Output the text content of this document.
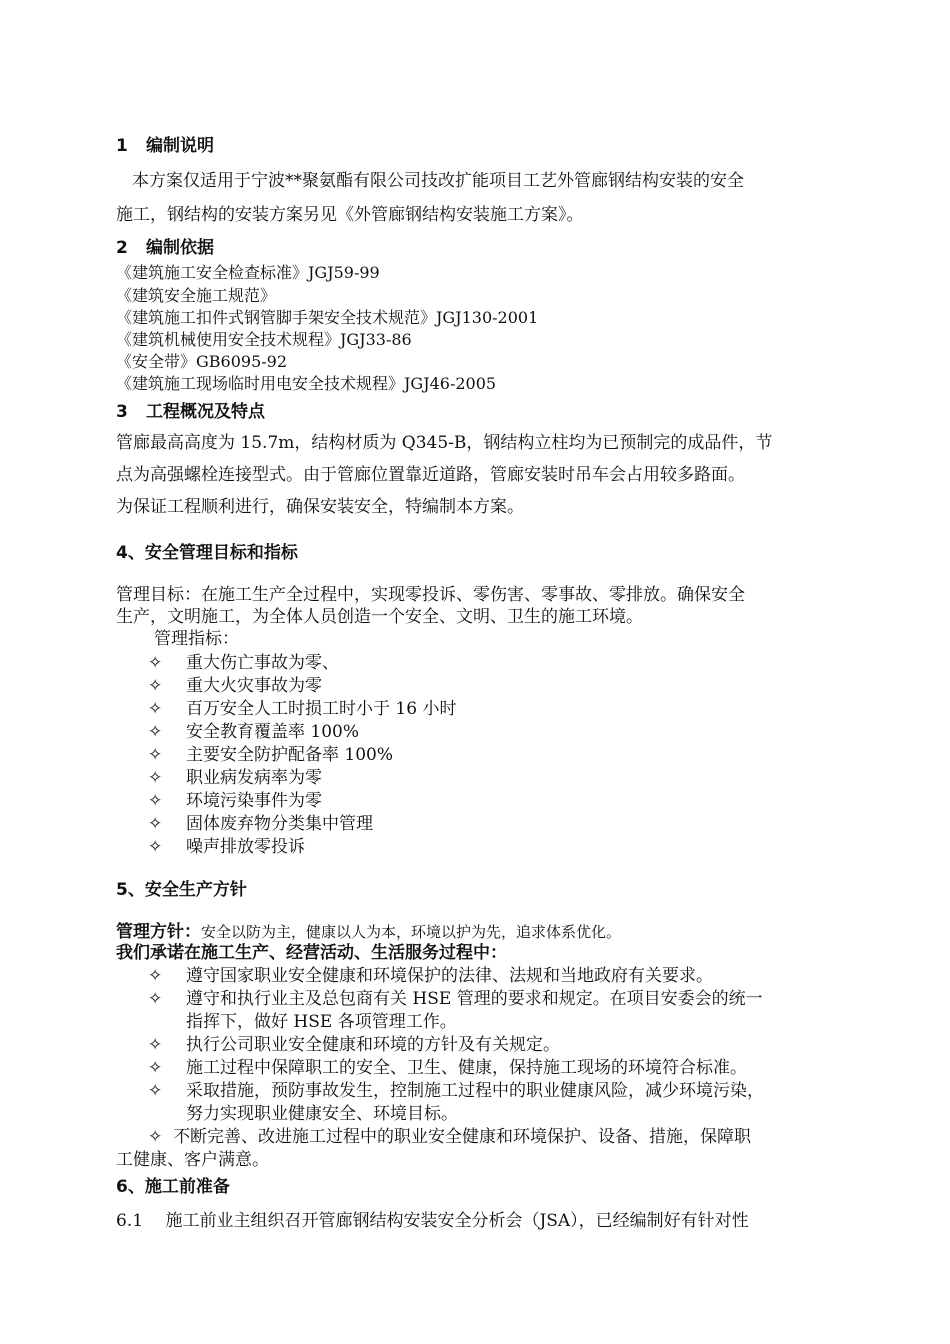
1 编制说明
本方案仅适用于宁波**聚氨酯有限公司技改扩能项目工艺外管廊钢结构安装的安全
施工，钢结构的安装方案另见《外管廊钢结构安装施工方案》。
2 编制依据
《建筑施工安全检查标准》JGJ59-99
《建筑安全施工规范》
《建筑施工扣件式钢管脚手架安全技术规范》JGJ130-2001
《建筑机械使用安全技术规程》JGJ33-86
《安全带》GB6095-92
《建筑施工现场临时用电安全技术规程》JGJ46-2005
3 工程概况及特点
管廊最高高度为 15.7m，结构材质为 Q345-B，钢结构立柱均为已预制完的成品件，节
点为高强螺栓连接型式。由于管廊位置靠近道路，管廊安装时吊车会占用较多路面。
为保证工程顺利进行，确保安装安全，特编制本方案。
4、安全管理目标和指标
管理目标：在施工生产全过程中，实现零投诉、零伤害、零事故、零排放。确保安全
生产，文明施工，为全体人员创造一个安全、文明、卫生的施工环境。
管理指标：
✧	重大伤亡事故为零、
✧	重大火灾事故为零
✧	百万安全人工时损工时小于 16 小时
✧	安全教育覆盖率 100%
✧	主要安全防护配备率 100%
✧	职业病发病率为零
✧	环境污染事件为零
✧	固体废弃物分类集中管理
✧	噪声排放零投诉
5、安全生产方针
管理方针：安全以防为主，健康以人为本，环境以护为先，追求体系优化。
我们承诺在施工生产、经营活动、生活服务过程中：
✧	遵守国家职业安全健康和环境保护的法律、法规和当地政府有关要求。
✧	遵守和执行业主及总包商有关 HSE 管理的要求和规定。在项目安委会的统一
指挥下，做好 HSE 各项管理工作。
✧	执行公司职业安全健康和环境的方针及有关规定。
✧	施工过程中保障职工的安全、卫生、健康，保持施工现场的环境符合标准。
✧	采取措施，预防事故发生，控制施工过程中的职业健康风险，减少环境污染，
努力实现职业健康安全、环境目标。
✧ 不断完善、改进施工过程中的职业安全健康和环境保护、设备、措施，保障职
工健康、客户满意。
6、施工前准备
6.1　 施工前业主组织召开管廊钢结构安装安全分析会（JSA），已经编制好有针对性
